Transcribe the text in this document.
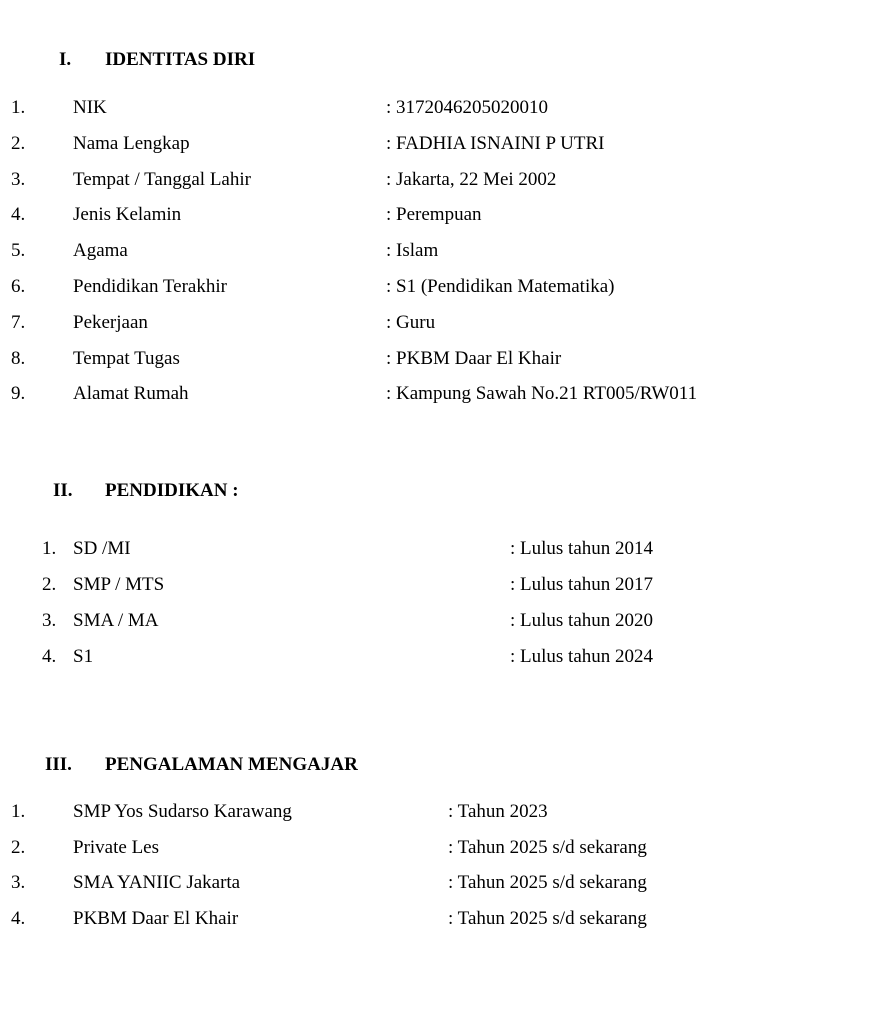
I. IDENTITAS DIRI
1.	NIK	: 3172046205020010
2.	Nama Lengkap	: FADHIA ISNAINI P UTRI
3.	Tempat / Tanggal Lahir	: Jakarta, 22 Mei 2002
4.	Jenis Kelamin	: Perempuan
5.	Agama	: Islam
6.	Pendidikan Terakhir	: S1 (Pendidikan Matematika)
7.	Pekerjaan	: Guru
8.	Tempat Tugas	: PKBM Daar El Khair
9.	Alamat Rumah	: Kampung Sawah No.21 RT005/RW011
II. PENDIDIKAN :
1. SD /MI	: Lulus tahun 2014
2. SMP / MTS	: Lulus tahun 2017
3. SMA / MA	: Lulus tahun 2020
4. S1	: Lulus tahun 2024
III. PENGALAMAN MENGAJAR
1.	SMP Yos Sudarso Karawang	: Tahun 2023
2.	Private Les	: Tahun 2025 s/d sekarang
3.	SMA YANIIC Jakarta	: Tahun 2025 s/d sekarang
4.	PKBM Daar El Khair	: Tahun 2025 s/d sekarang
